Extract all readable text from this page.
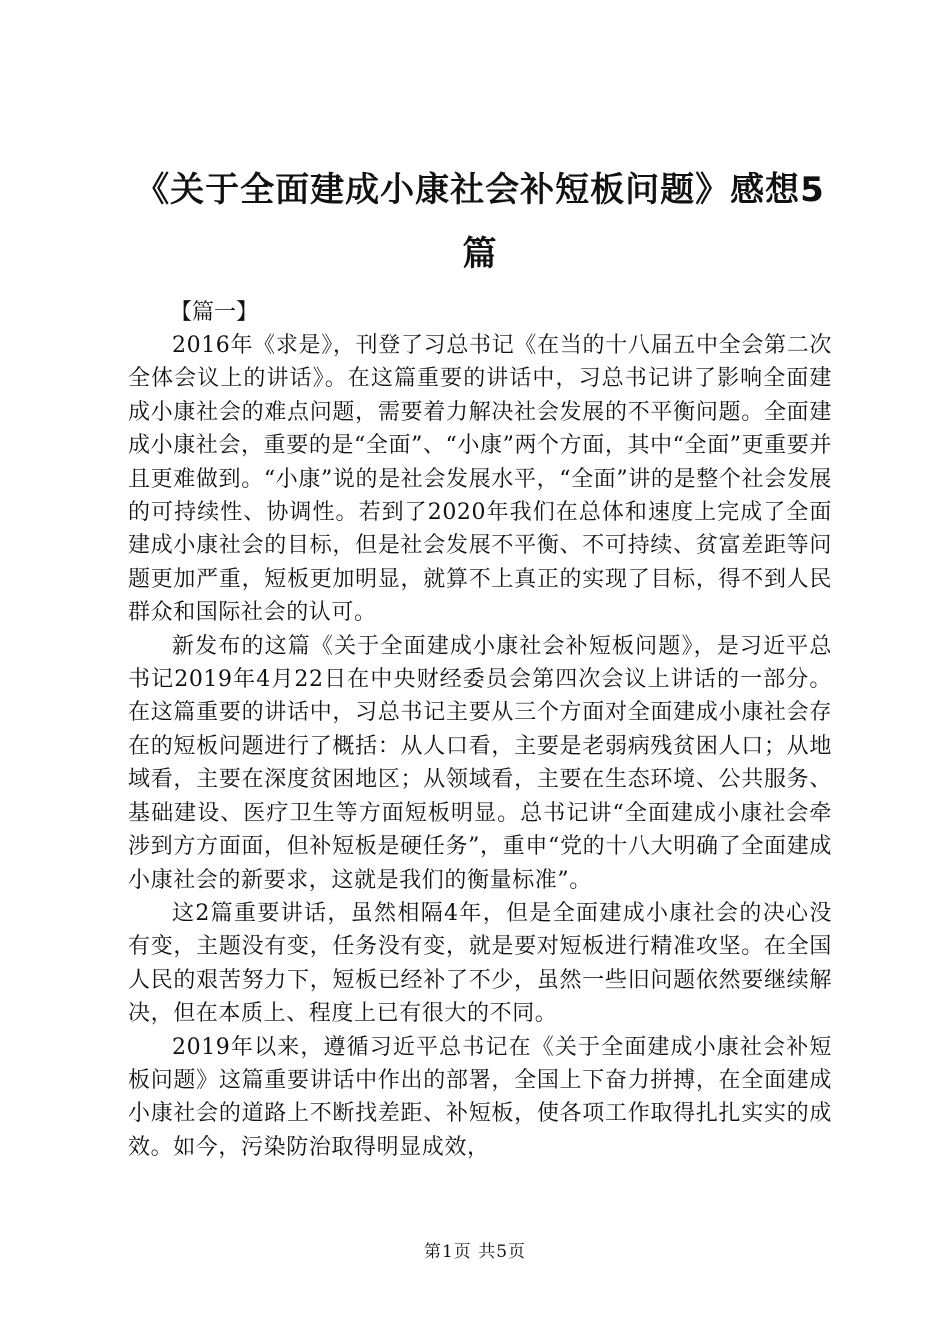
《关于全面建成小康社会补短板问题》感想5篇

【篇一】

2016年《求是》，刊登了习总书记《在当的十八届五中全会第二次全体会议上的讲话》。在这篇重要的讲话中，习总书记讲了影响全面建成小康社会的难点问题，需要着力解决社会发展的不平衡问题。全面建成小康社会，重要的是“全面”、“小康”两个方面，其中“全面”更重要并且更难做到。“小康”说的是社会发展水平，“全面”讲的是整个社会发展的可持续性、协调性。若到了2020年我们在总体和速度上完成了全面建成小康社会的目标，但是社会发展不平衡、不可持续、贫富差距等问题更加严重，短板更加明显，就算不上真正的实现了目标，得不到人民群众和国际社会的认可。

新发布的这篇《关于全面建成小康社会补短板问题》，是习近平总书记2019年4月22日在中央财经委员会第四次会议上讲话的一部分。在这篇重要的讲话中，习总书记主要从三个方面对全面建成小康社会存在的短板问题进行了概括：从人口看，主要是老弱病残贫困人口；从地域看，主要在深度贫困地区；从领域看，主要在生态环境、公共服务、基础建设、医疗卫生等方面短板明显。总书记讲“全面建成小康社会牵涉到方方面面，但补短板是硬任务”，重申“党的十八大明确了全面建成小康社会的新要求，这就是我们的衡量标准”。

这2篇重要讲话，虽然相隔4年，但是全面建成小康社会的决心没有变，主题没有变，任务没有变，就是要对短板进行精准攻坚。在全国人民的艰苦努力下，短板已经补了不少，虽然一些旧问题依然要继续解决，但在本质上、程度上已有很大的不同。

2019年以来，遵循习近平总书记在《关于全面建成小康社会补短板问题》这篇重要讲话中作出的部署，全国上下奋力拼搏，在全面建成小康社会的道路上不断找差距、补短板，使各项工作取得扎扎实实的成效。如今，污染防治取得明显成效，

第1页 共5页
